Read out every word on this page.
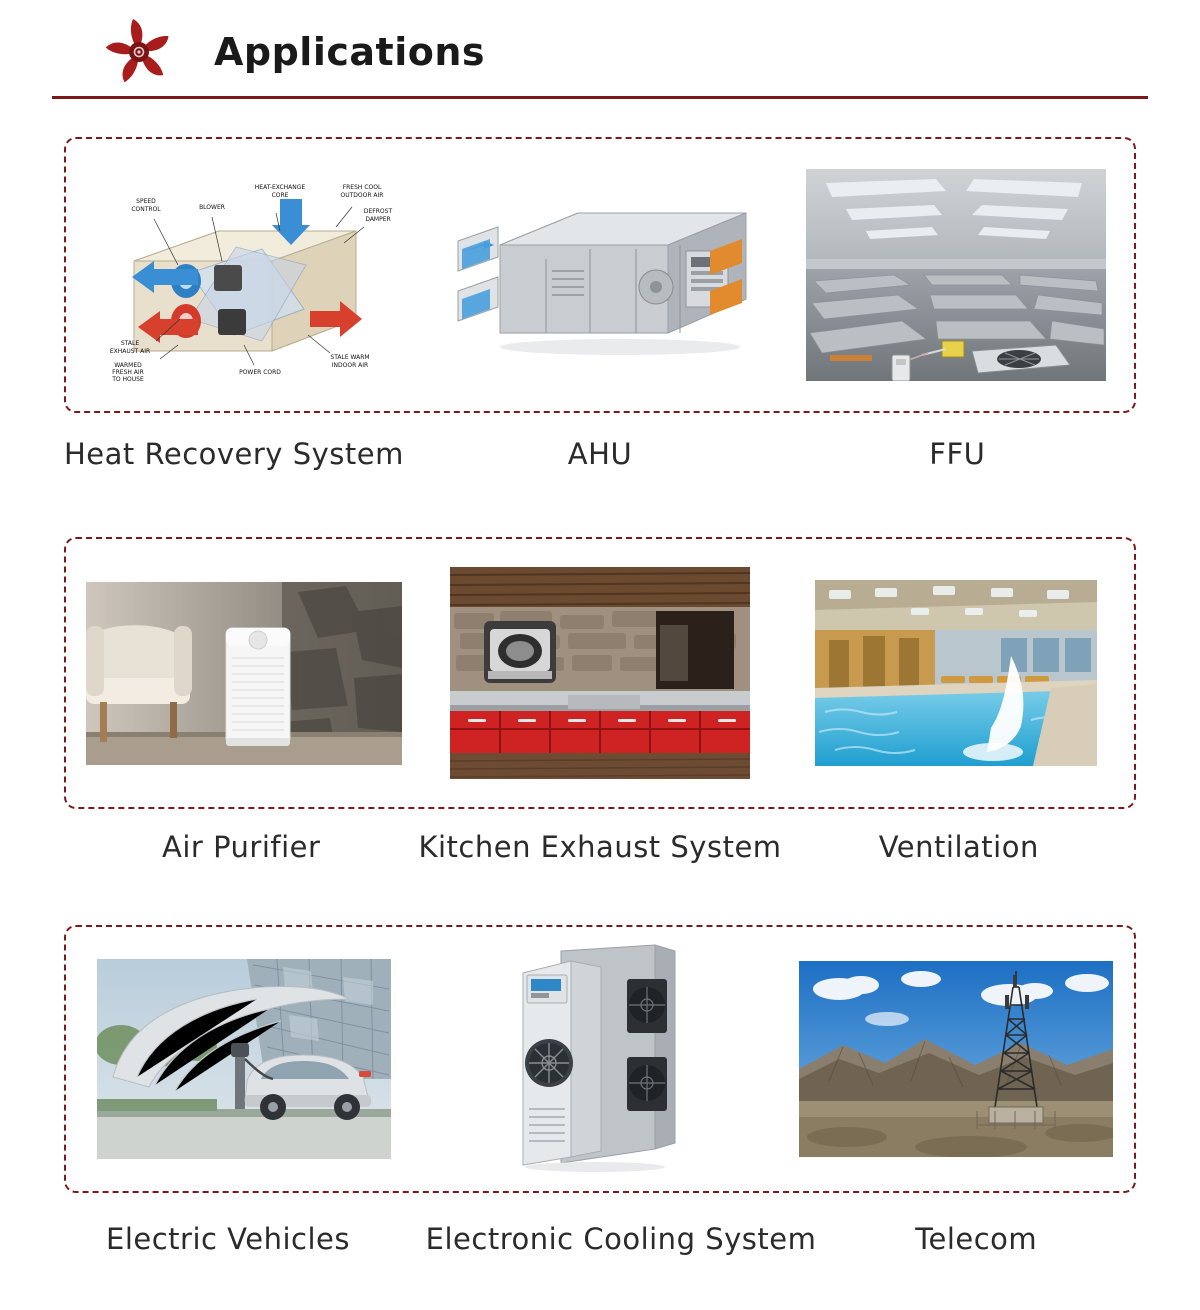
Applications
SPEED
CONTROL	BLOWER
HEAT-EXCHANGE
CORE
FRESH COOL
OUTDOOR AIR
DEFROST
DAMPER
STALE
EXHAUST AIR
WARMED
FRESH AIR
TO HOUSE
POWER CORD
STALE WARM
INDOOR AIR
Heat Recovery System	AHU	FFU
Air Purifier	Kitchen Exhaust System	Ventilation
Electric Vehicles	Electronic Cooling System	Telecom
